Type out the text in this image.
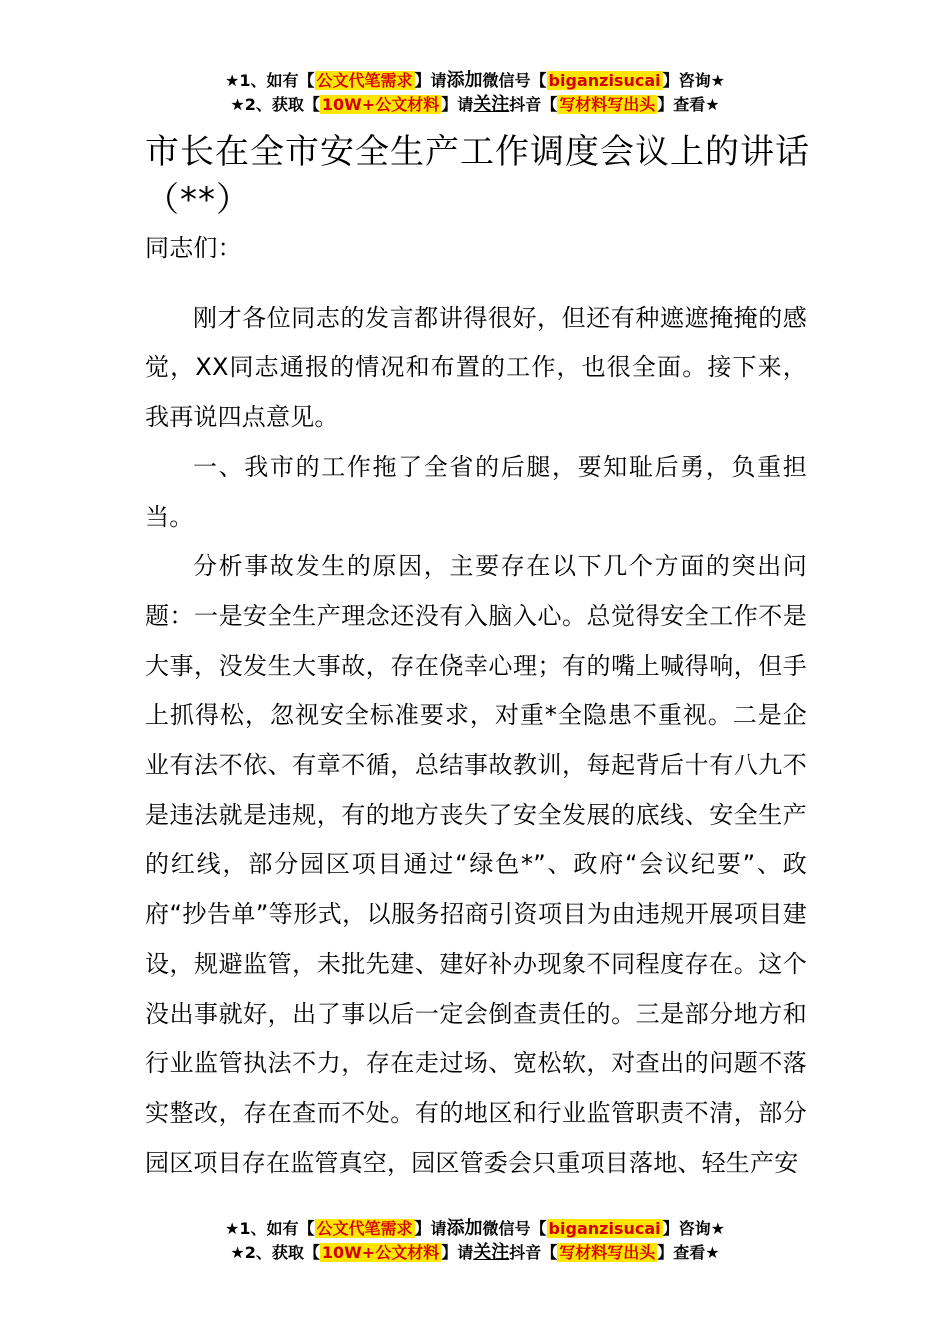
★1、如有【 公文代笔需求 】请添加微信号【 biganzisucai 】咨询★
★2、获取【 10W+公文材料 】请关注抖音【 写材料写出头 】查看★
市长在全市安全生产工作调度会议上的讲话（**）

同志们：

刚才各位同志的发言都讲得很好，但还有种遮遮掩掩的感觉，XX同志通报的情况和布置的工作，也很全面。接下来，我再说四点意见。

一、我市的工作拖了全省的后腿，要知耻后勇，负重担当。

分析事故发生的原因，主要存在以下几个方面的突出问题：一是安全生产理念还没有入脑入心。总觉得安全工作不是大事，没发生大事故，存在侥幸心理；有的嘴上喊得响，但手上抓得松，忽视安全标准要求，对重*全隐患不重视。二是企业有法不依、有章不循，总结事故教训，每起背后十有八九不是违法就是违规，有的地方丧失了安全发展的底线、安全生产的红线，部分园区项目通过“绿色*”、政府“会议纪要”、政府“抄告单”等形式，以服务招商引资项目为由违规开展项目建设，规避监管，未批先建、建好补办现象不同程度存在。这个没出事就好，出了事以后一定会倒查责任的。三是部分地方和行业监管执法不力，存在走过场、宽松软，对查出的问题不落实整改，存在查而不处。有的地区和行业监管职责不清，部分园区项目存在监管真空，园区管委会只重项目落地、轻生产安

★1、如有【 公文代笔需求 】请添加微信号【 biganzisucai 】咨询★
★2、获取【 10W+公文材料 】请关注抖音【 写材料写出头 】查看★
